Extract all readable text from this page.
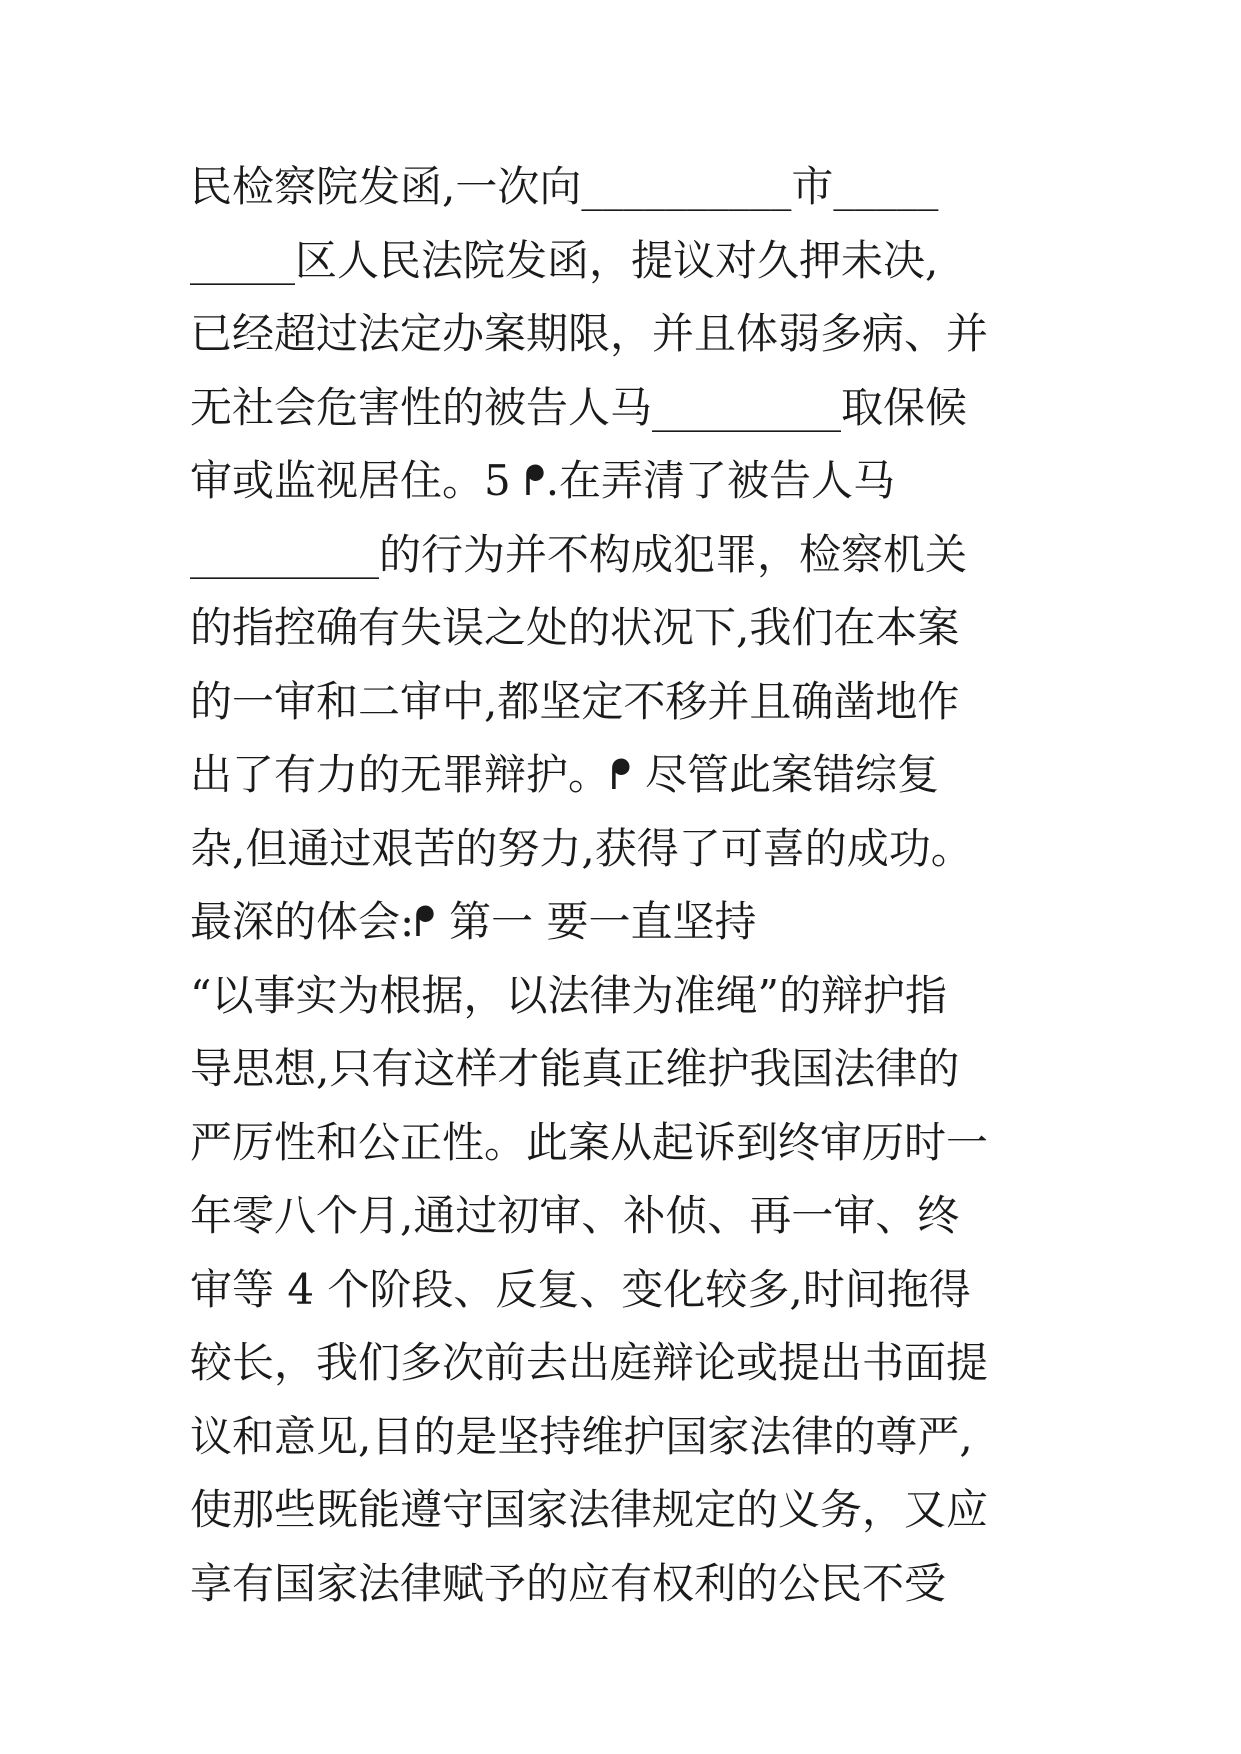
民检察院发函,一次向__________市_____
_____区人民法院发函，提议对久押未决,
已经超过法定办案期限，并且体弱多病、并
无社会危害性的被告人马_________取保候
审或监视居住。5 ᖰ.在弄清了被告人马
_________的行为并不构成犯罪，检察机关
的指控确有失误之处的状况下,我们在本案
的一审和二审中,都坚定不移并且确凿地作
出了有力的无罪辩护。ᖰ 尽管此案错综复
杂,但通过艰苦的努力,获得了可喜的成功。
最深的体会:ᖰ 第一 要一直坚持
“以事实为根据，以法律为准绳”的辩护指
导思想,只有这样才能真正维护我国法律的
严厉性和公正性。此案从起诉到终审历时一
年零八个月,通过初审、补侦、再一审、终
审等 4 个阶段、反复、变化较多,时间拖得
较长，我们多次前去出庭辩论或提出书面提
议和意见,目的是坚持维护国家法律的尊严,
使那些既能遵守国家法律规定的义务，又应
享有国家法律赋予的应有权利的公民不受
